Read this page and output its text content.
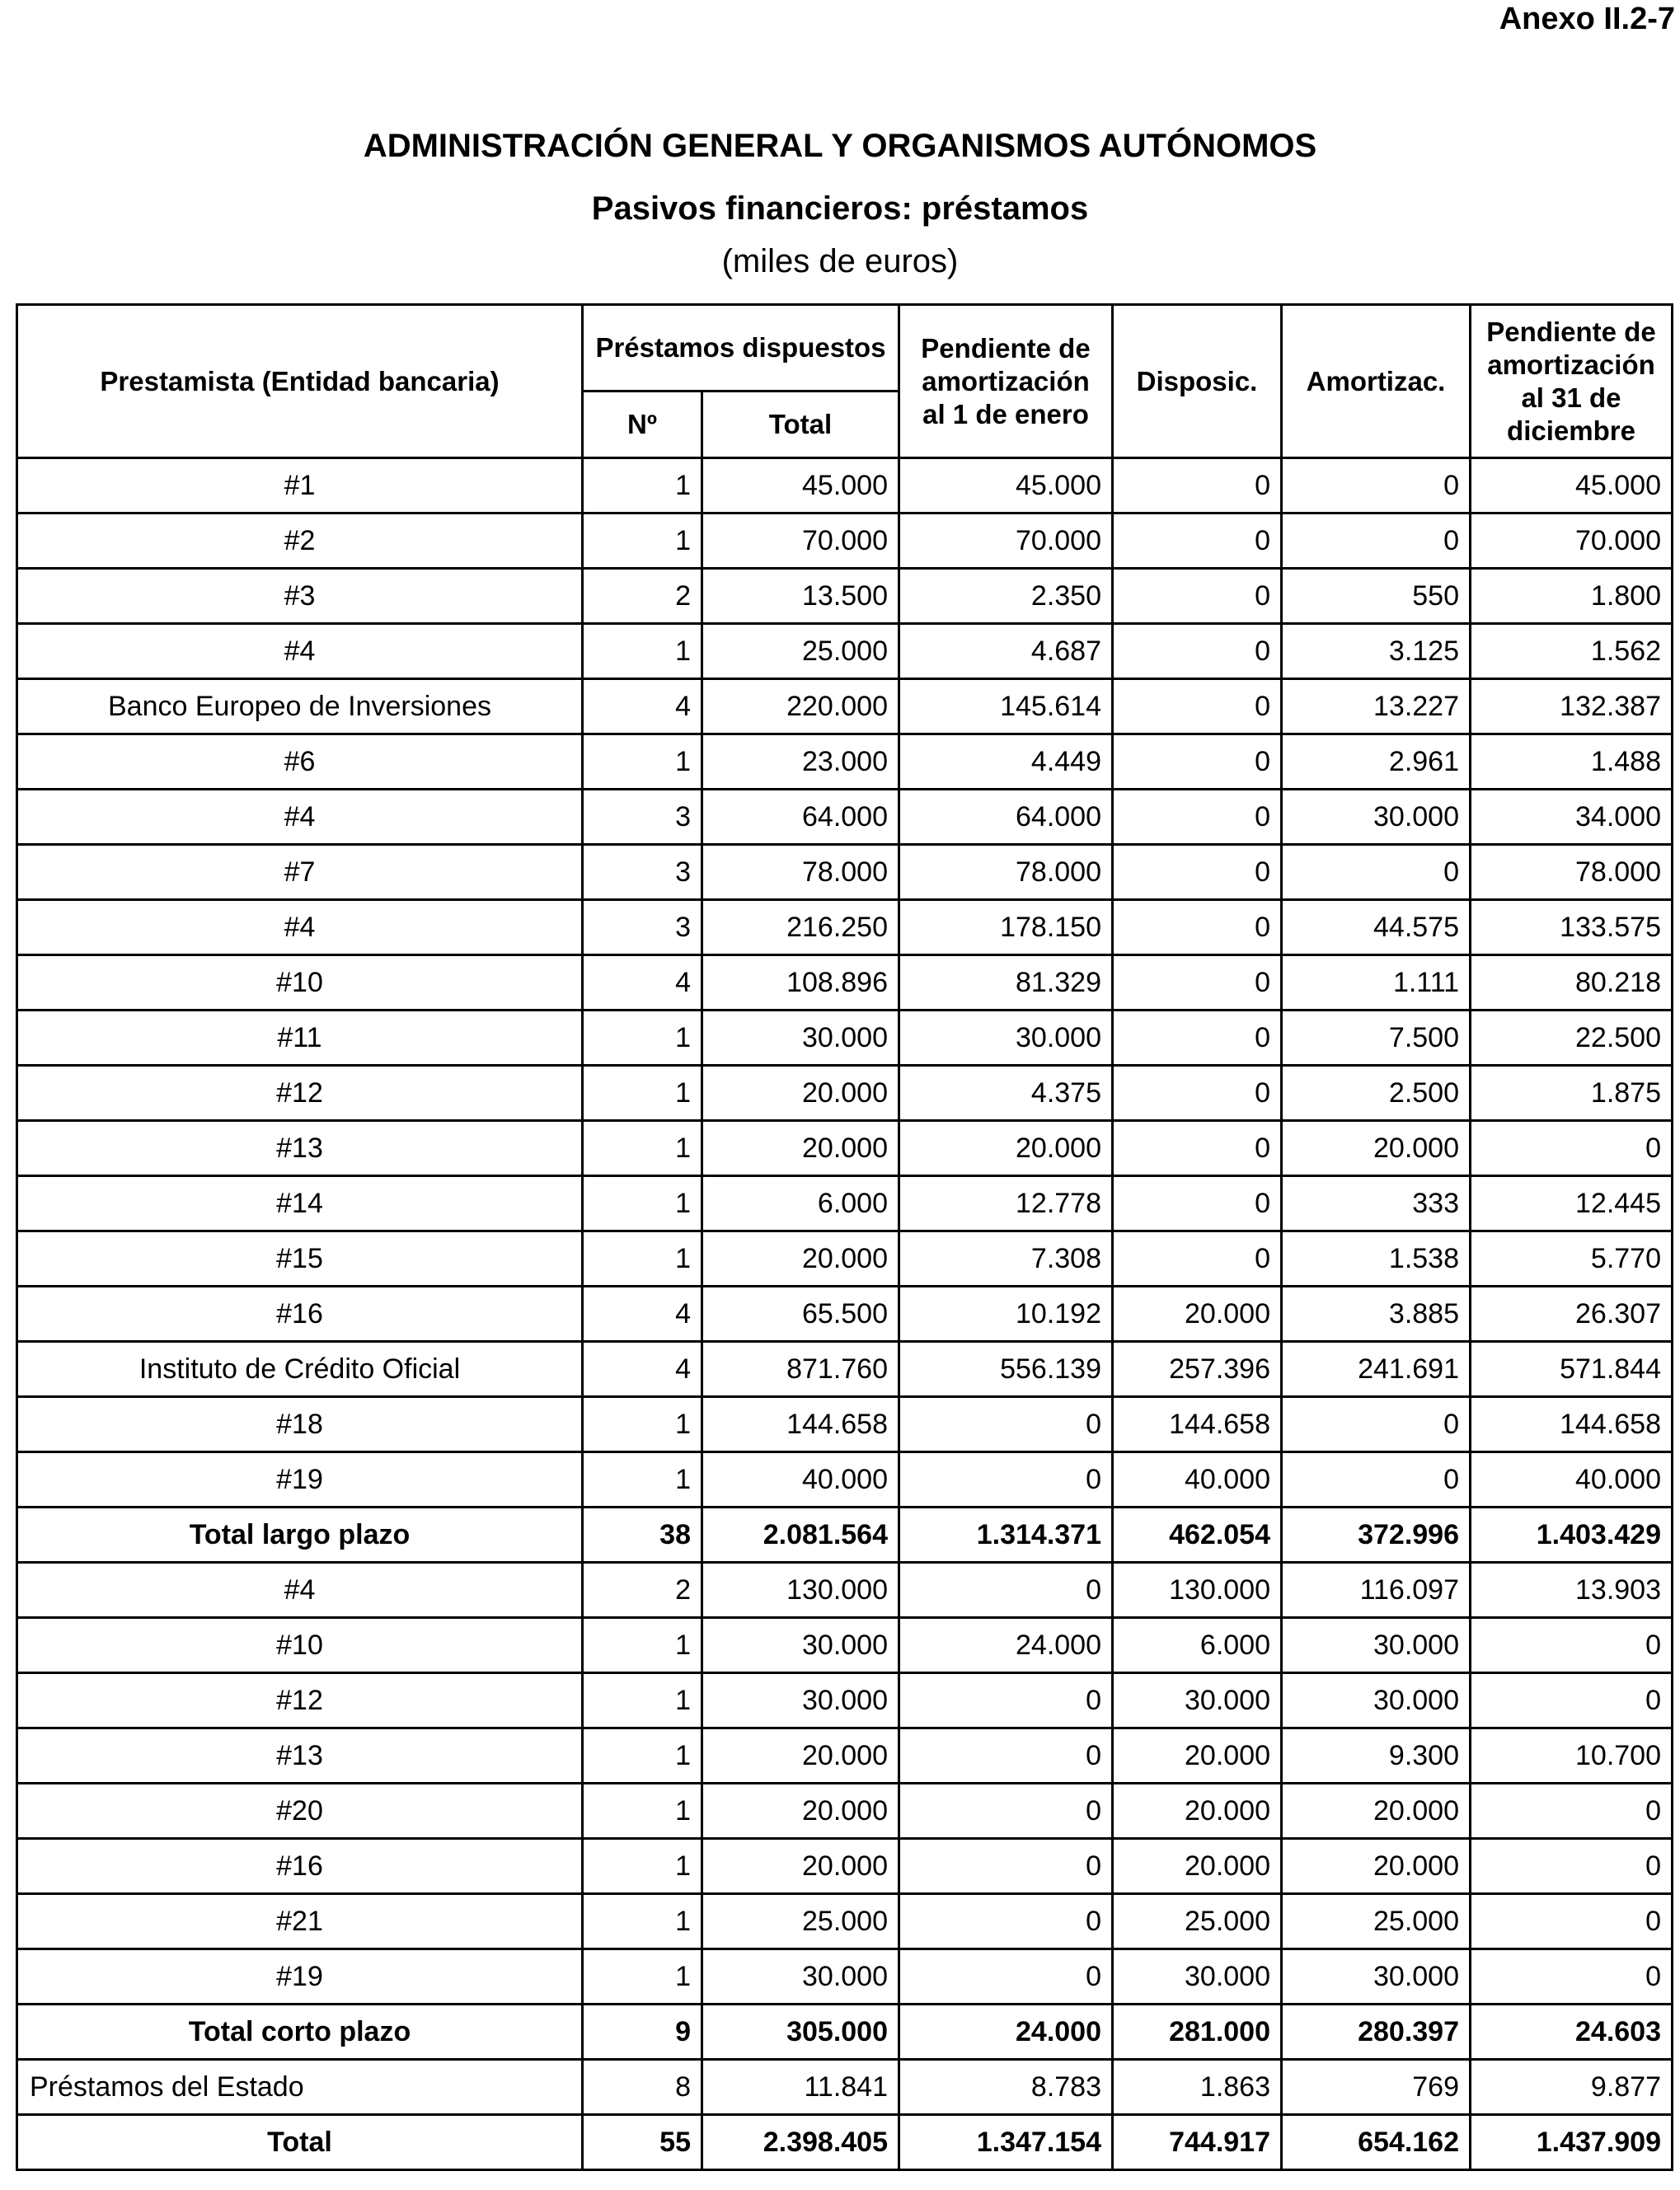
Anexo II.2-7
ADMINISTRACIÓN GENERAL Y ORGANISMOS AUTÓNOMOS
Pasivos financieros: préstamos
(miles de euros)
Prestamista (Entidad bancaria)	Préstamos dispuestos		Pendiente de amortización al 1 de enero	Disposic.	Amortizac.	Pendiente de amortización al 31 de diciembre
	Nº	Total				
#1	1	45.000	45.000	0	0	45.000
#2	1	70.000	70.000	0	0	70.000
#3	2	13.500	2.350	0	550	1.800
#4	1	25.000	4.687	0	3.125	1.562
Banco Europeo de Inversiones	4	220.000	145.614	0	13.227	132.387
#6	1	23.000	4.449	0	2.961	1.488
#4	3	64.000	64.000	0	30.000	34.000
#7	3	78.000	78.000	0	0	78.000
#4	3	216.250	178.150	0	44.575	133.575
#10	4	108.896	81.329	0	1.111	80.218
#11	1	30.000	30.000	0	7.500	22.500
#12	1	20.000	4.375	0	2.500	1.875
#13	1	20.000	20.000	0	20.000	0
#14	1	6.000	12.778	0	333	12.445
#15	1	20.000	7.308	0	1.538	5.770
#16	4	65.500	10.192	20.000	3.885	26.307
Instituto de Crédito Oficial	4	871.760	556.139	257.396	241.691	571.844
#18	1	144.658	0	144.658	0	144.658
#19	1	40.000	0	40.000	0	40.000
Total largo plazo	38	2.081.564	1.314.371	462.054	372.996	1.403.429
#4	2	130.000	0	130.000	116.097	13.903
#10	1	30.000	24.000	6.000	30.000	0
#12	1	30.000	0	30.000	30.000	0
#13	1	20.000	0	20.000	9.300	10.700
#20	1	20.000	0	20.000	20.000	0
#16	1	20.000	0	20.000	20.000	0
#21	1	25.000	0	25.000	25.000	0
#19	1	30.000	0	30.000	30.000	0
Total corto plazo	9	305.000	24.000	281.000	280.397	24.603
Préstamos del Estado	8	11.841	8.783	1.863	769	9.877
Total	55	2.398.405	1.347.154	744.917	654.162	1.437.909
